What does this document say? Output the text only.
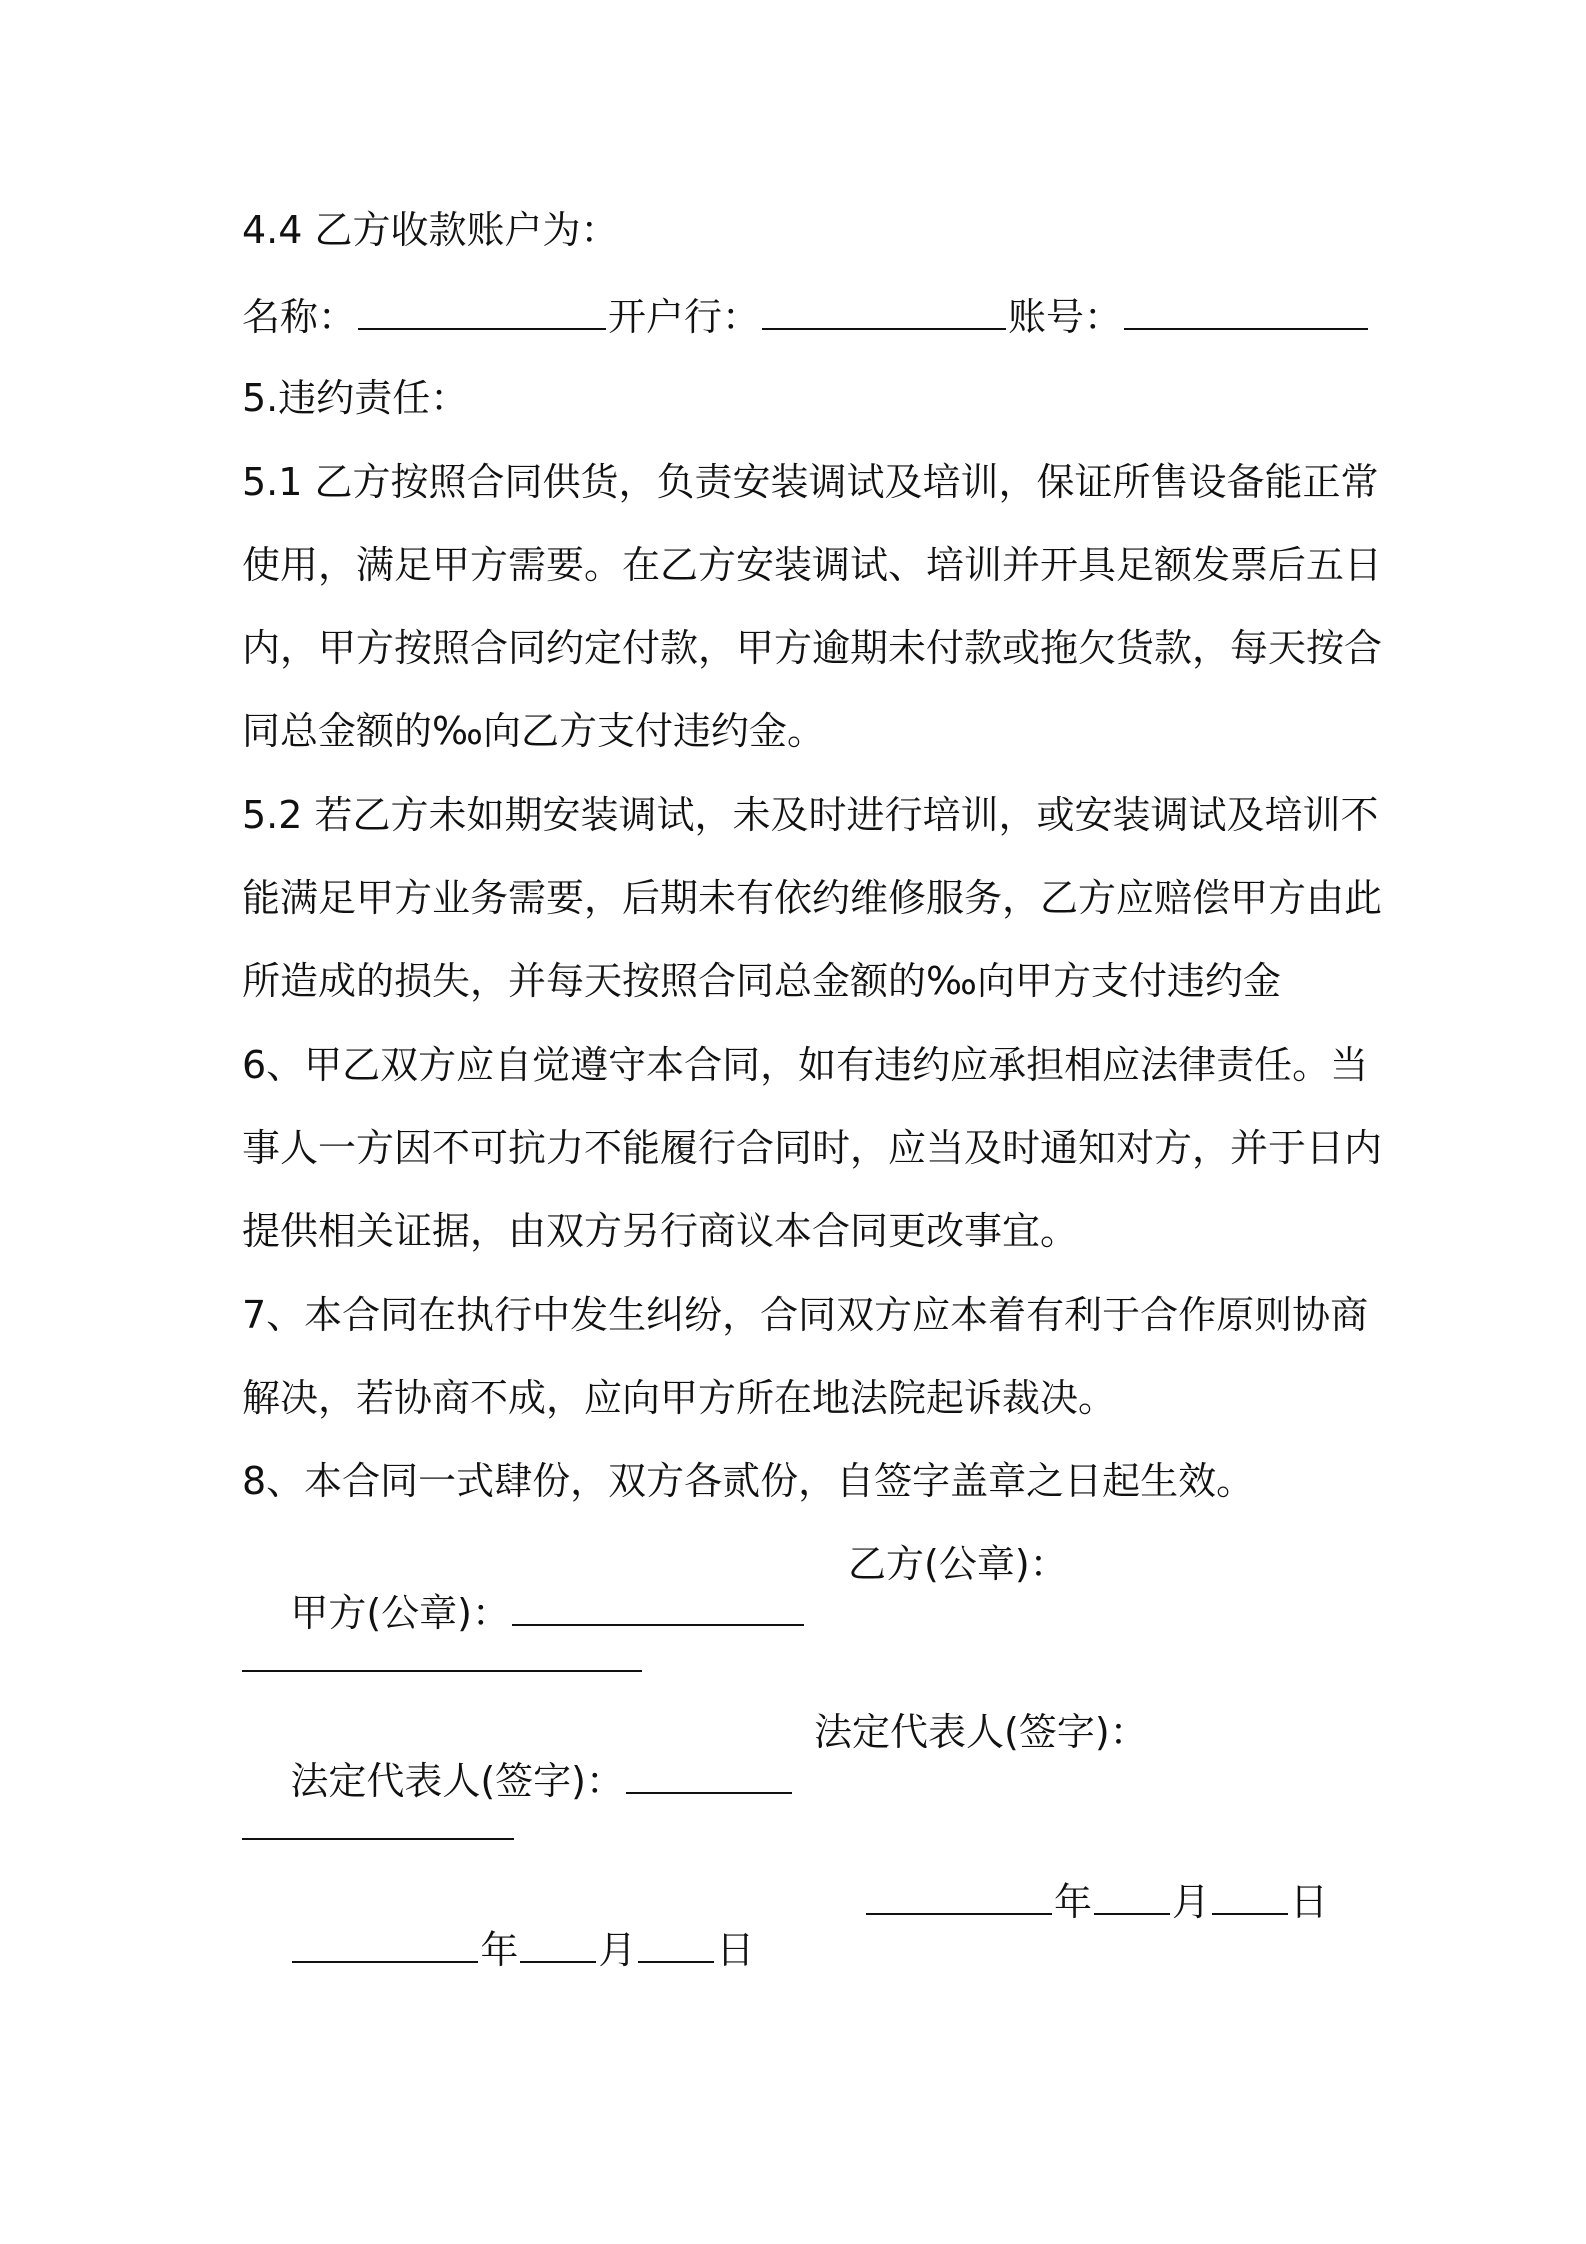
4.4 乙方收款账户为：
名称：	开户行：	账号：
5.违约责任：
5.1 乙方按照合同供货，负责安装调试及培训，保证所售设备能正常
使用，满足甲方需要。在乙方安装调试、培训并开具足额发票后五日
内，甲方按照合同约定付款，甲方逾期未付款或拖欠货款，每天按合
同总金额的‰向乙方支付违约金。
5.2 若乙方未如期安装调试，未及时进行培训，或安装调试及培训不
能满足甲方业务需要，后期未有依约维修服务，乙方应赔偿甲方由此
所造成的损失，并每天按照合同总金额的‰向甲方支付违约金
6、甲乙双方应自觉遵守本合同，如有违约应承担相应法律责任。当
事人一方因不可抗力不能履行合同时，应当及时通知对方，并于日内
提供相关证据，由双方另行商议本合同更改事宜。
7、本合同在执行中发生纠纷，合同双方应本着有利于合作原则协商
解决，若协商不成，应向甲方所在地法院起诉裁决。
8、本合同一式肆份，双方各贰份，自签字盖章之日起生效。

甲方(公章)：

乙方(公章)：

法定代表人(签字)：

法定代表人(签字)：

年 月 日

年 月 日
